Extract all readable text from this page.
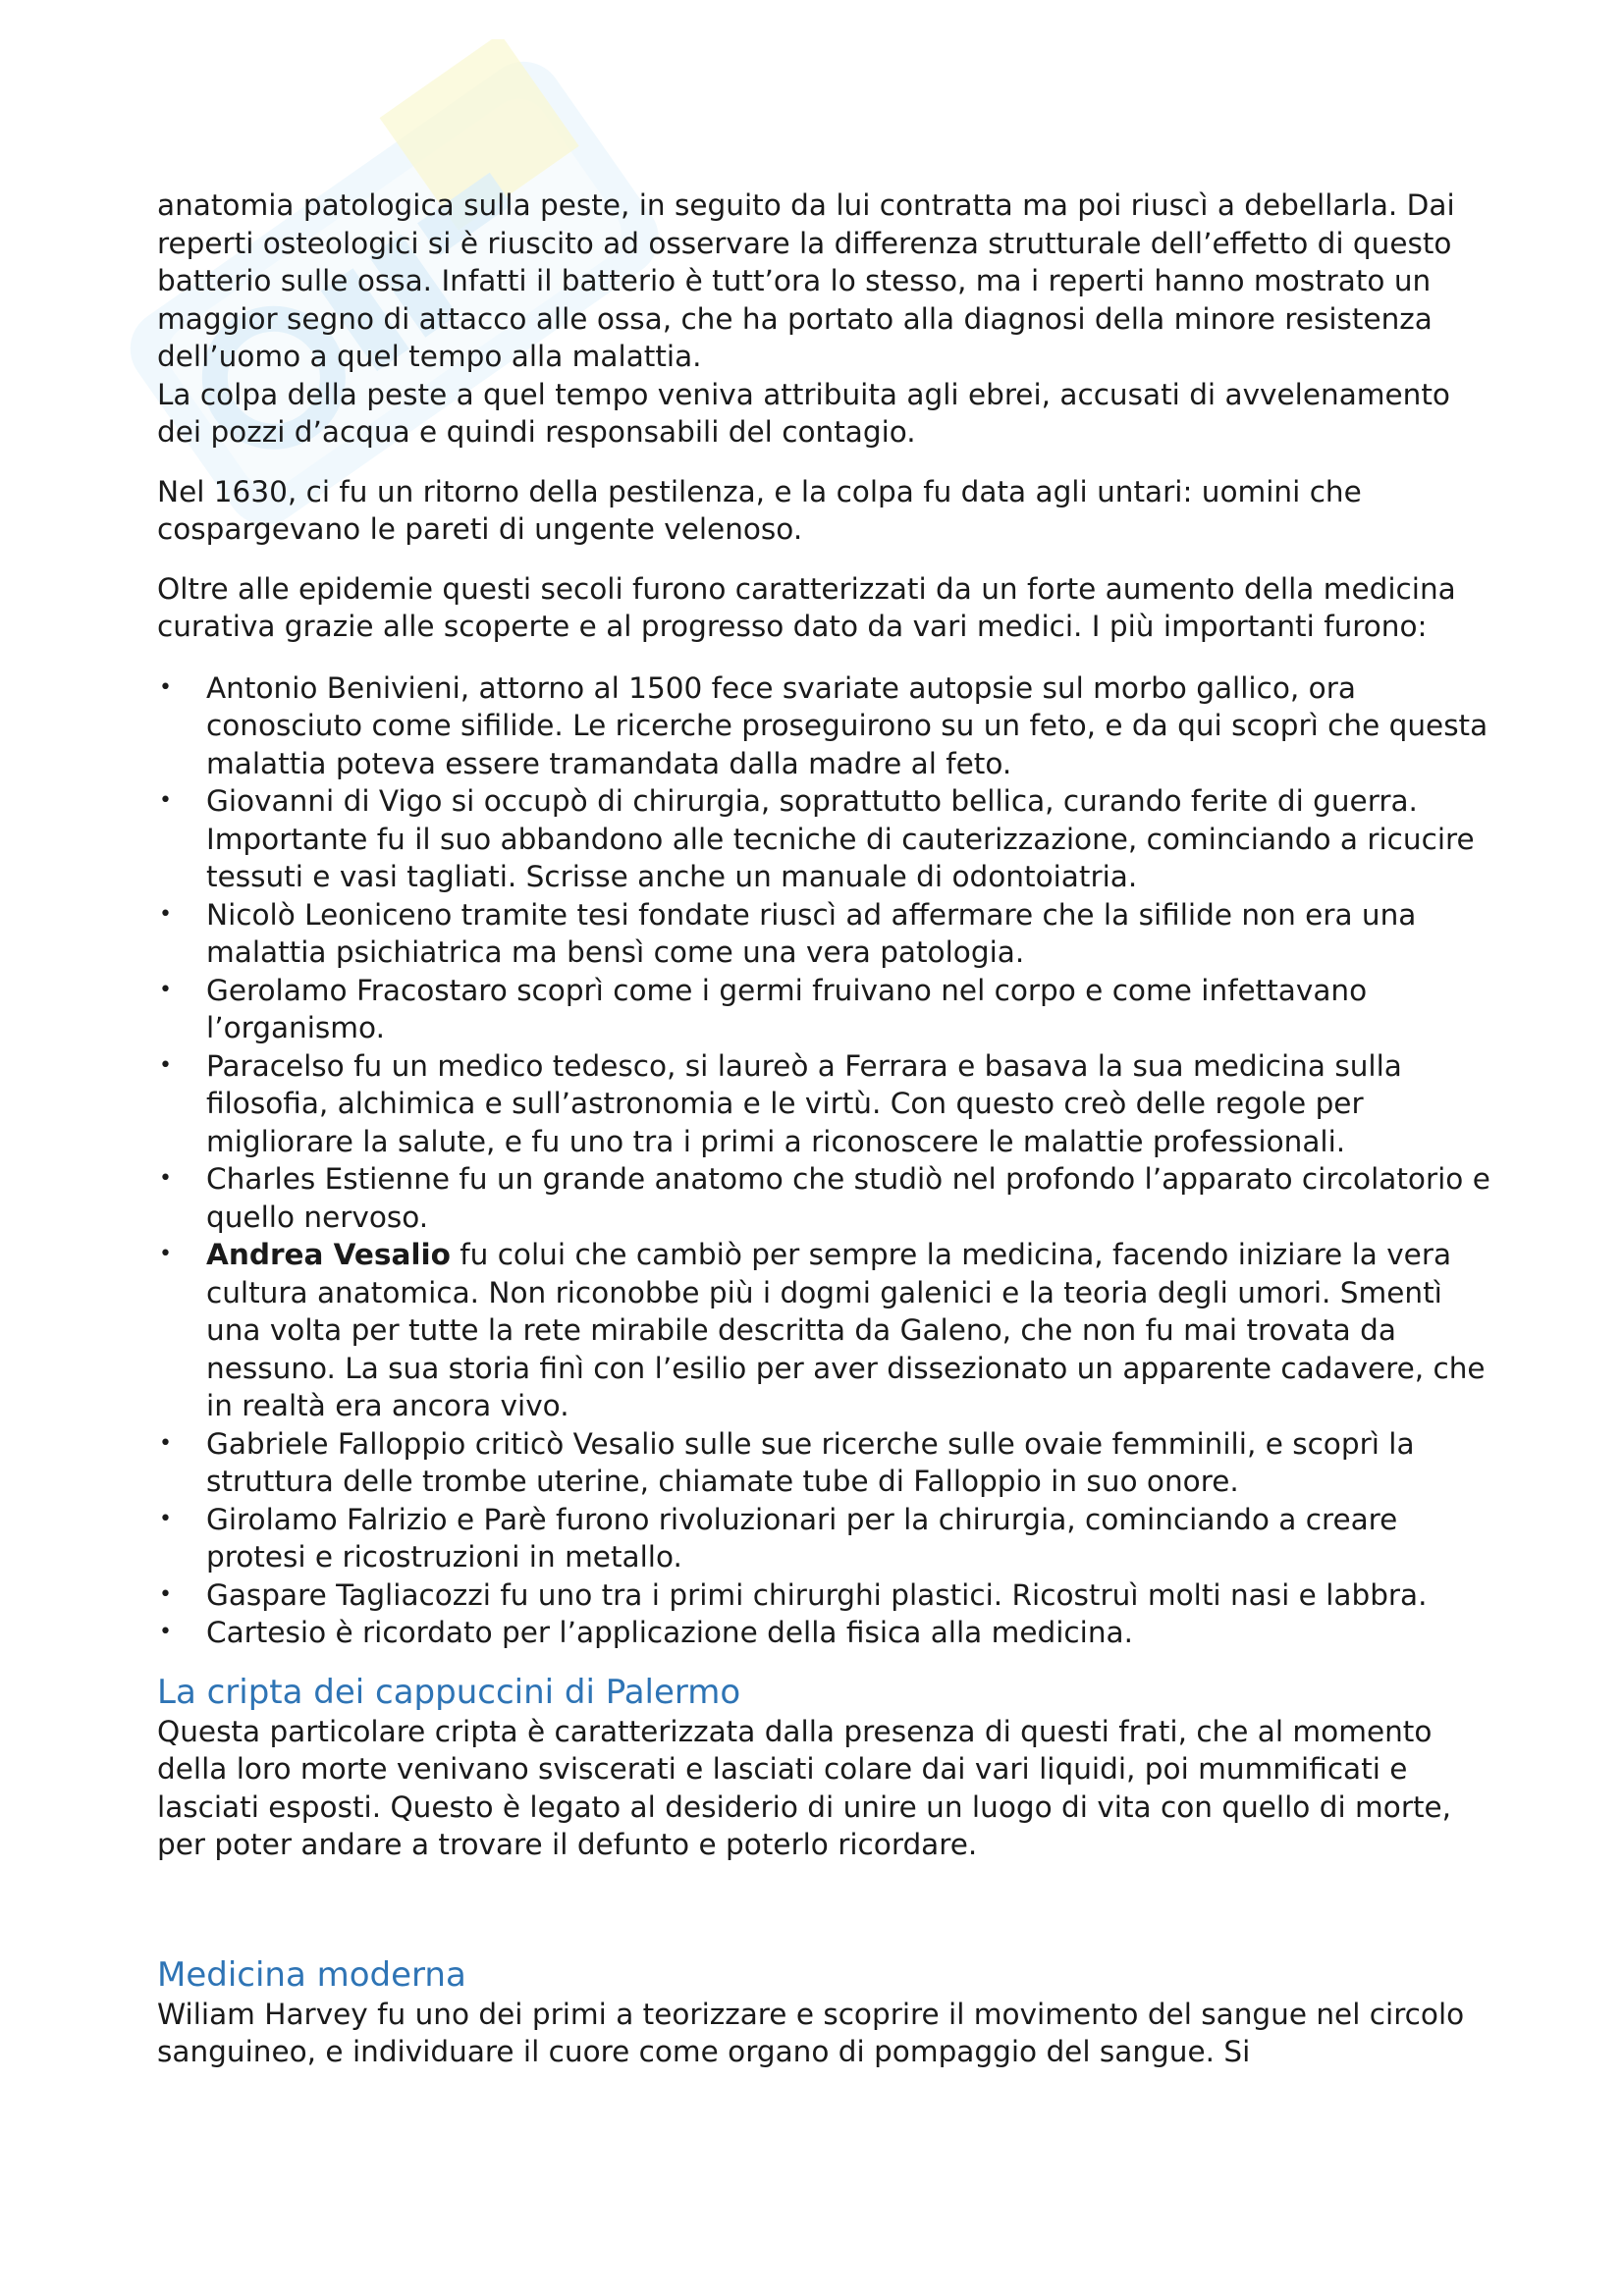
anatomia patologica sulla peste, in seguito da lui contratta ma poi riuscì a debellarla. Dai reperti osteologici si è riuscito ad osservare la differenza strutturale dell’effetto di questo batterio sulle ossa. Infatti il batterio è tutt’ora lo stesso, ma i reperti hanno mostrato un maggior segno di attacco alle ossa, che ha portato alla diagnosi della minore resistenza dell’uomo a quel tempo alla malattia.

La colpa della peste a quel tempo veniva attribuita agli ebrei, accusati di avvelenamento dei pozzi d’acqua e quindi responsabili del contagio.

Nel 1630, ci fu un ritorno della pestilenza, e la colpa fu data agli untari: uomini che cospargevano le pareti di ungente velenoso.

Oltre alle epidemie questi secoli furono caratterizzati da un forte aumento della medicina curativa grazie alle scoperte e al progresso dato da vari medici. I più importanti furono:

• Antonio Benivieni, attorno al 1500 fece svariate autopsie sul morbo gallico, ora conosciuto come sifilide. Le ricerche proseguirono su un feto, e da qui scoprì che questa malattia poteva essere tramandata dalla madre al feto.
• Giovanni di Vigo si occupò di chirurgia, soprattutto bellica, curando ferite di guerra. Importante fu il suo abbandono alle tecniche di cauterizzazione, cominciando a ricucire tessuti e vasi tagliati. Scrisse anche un manuale di odontoiatria.
• Nicolò Leoniceno tramite tesi fondate riuscì ad affermare che la sifilide non era una malattia psichiatrica ma bensì come una vera patologia.
• Gerolamo Fracostaro scoprì come i germi fruivano nel corpo e come infettavano l’organismo.
• Paracelso fu un medico tedesco, si laureò a Ferrara e basava la sua medicina sulla filosofia, alchimica e sull’astronomia e le virtù. Con questo creò delle regole per migliorare la salute, e fu uno tra i primi a riconoscere le malattie professionali.
• Charles Estienne fu un grande anatomo che studiò nel profondo l’apparato circolatorio e quello nervoso.
• Andrea Vesalio fu colui che cambiò per sempre la medicina, facendo iniziare la vera cultura anatomica. Non riconobbe più i dogmi galenici e la teoria degli umori. Smentì una volta per tutte la rete mirabile descritta da Galeno, che non fu mai trovata da nessuno. La sua storia finì con l’esilio per aver dissezionato un apparente cadavere, che in realtà era ancora vivo.
• Gabriele Falloppio criticò Vesalio sulle sue ricerche sulle ovaie femminili, e scoprì la struttura delle trombe uterine, chiamate tube di Falloppio in suo onore.
• Girolamo Falrizio e Parè furono rivoluzionari per la chirurgia, cominciando a creare protesi e ricostruzioni in metallo.
• Gaspare Tagliacozzi fu uno tra i primi chirurghi plastici. Ricostruì molti nasi e labbra.
• Cartesio è ricordato per l’applicazione della fisica alla medicina.
La cripta dei cappuccini di Palermo

Questa particolare cripta è caratterizzata dalla presenza di questi frati, che al momento della loro morte venivano sviscerati e lasciati colare dai vari liquidi, poi mummificati e lasciati esposti. Questo è legato al desiderio di unire un luogo di vita con quello di morte, per poter andare a trovare il defunto e poterlo ricordare.

Medicina moderna

Wiliam Harvey fu uno dei primi a teorizzare e scoprire il movimento del sangue nel circolo sanguineo, e individuare il cuore come organo di pompaggio del sangue. Si
